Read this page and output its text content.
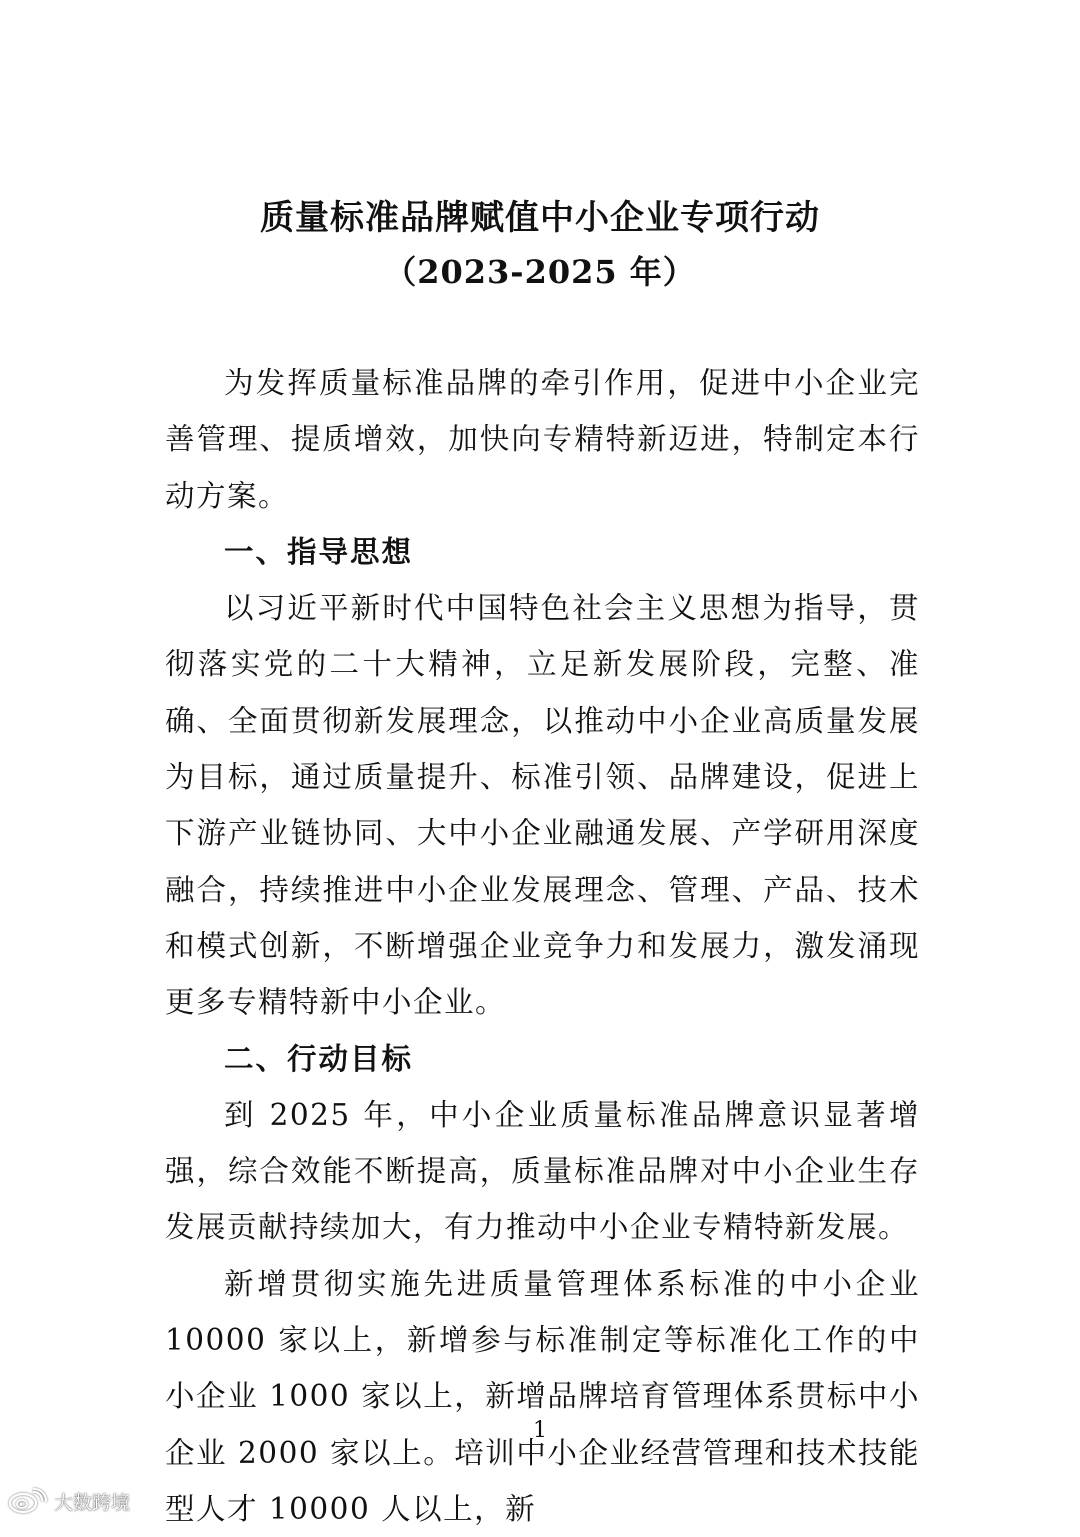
质量标准品牌赋值中小企业专项行动
（2023-2025 年）

为发挥质量标准品牌的牵引作用，促进中小企业完善管理、提质增效，加快向专精特新迈进，特制定本行动方案。

一、指导思想

以习近平新时代中国特色社会主义思想为指导，贯彻落实党的二十大精神，立足新发展阶段，完整、准确、全面贯彻新发展理念，以推动中小企业高质量发展为目标，通过质量提升、标准引领、品牌建设，促进上下游产业链协同、大中小企业融通发展、产学研用深度融合，持续推进中小企业发展理念、管理、产品、技术和模式创新，不断增强企业竞争力和发展力，激发涌现更多专精特新中小企业。

二、行动目标

到 2025 年，中小企业质量标准品牌意识显著增强，综合效能不断提高，质量标准品牌对中小企业生存发展贡献持续加大，有力推动中小企业专精特新发展。

新增贯彻实施先进质量管理体系标准的中小企业 10000 家以上，新增参与标准制定等标准化工作的中小企业 1000 家以上，新增品牌培育管理体系贯标中小企业 2000 家以上。培训中小企业经营管理和技术技能型人才 10000 人以上，新

1
大数跨境
